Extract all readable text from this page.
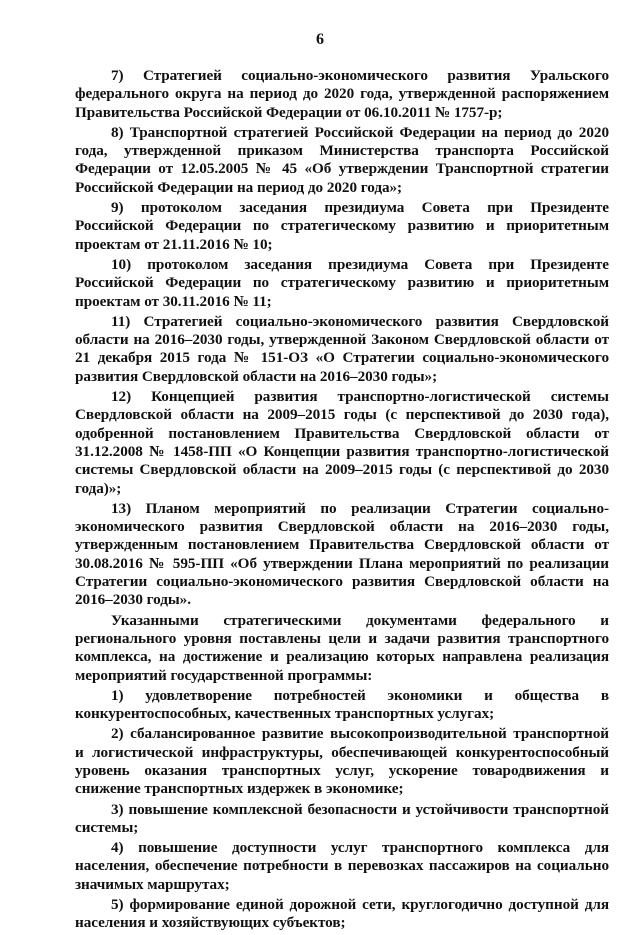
6

7) Стратегией социально-экономического развития Уральского федерального округа на период до 2020 года, утвержденной распоряжением Правительства Российской Федерации от 06.10.2011 № 1757-р;

8) Транспортной стратегией Российской Федерации на период до 2020 года, утвержденной приказом Министерства транспорта Российской Федерации от 12.05.2005 № 45 «Об утверждении Транспортной стратегии Российской Федерации на период до 2020 года»;

9) протоколом заседания президиума Совета при Президенте Российской Федерации по стратегическому развитию и приоритетным проектам от 21.11.2016 № 10;

10) протоколом заседания президиума Совета при Президенте Российской Федерации по стратегическому развитию и приоритетным проектам от 30.11.2016 № 11;

11) Стратегией социально-экономического развития Свердловской области на 2016–2030 годы, утвержденной Законом Свердловской области от 21 декабря 2015 года № 151-ОЗ «О Стратегии социально-экономического развития Свердловской области на 2016–2030 годы»;

12) Концепцией развития транспортно-логистической системы Свердловской области на 2009–2015 годы (с перспективой до 2030 года), одобренной постановлением Правительства Свердловской области от 31.12.2008 № 1458-ПП «О Концепции развития транспортно-логистической системы Свердловской области на 2009–2015 годы (с перспективой до 2030 года)»;

13) Планом мероприятий по реализации Стратегии социально-экономического развития Свердловской области на 2016–2030 годы, утвержденным постановлением Правительства Свердловской области от 30.08.2016 № 595-ПП «Об утверждении Плана мероприятий по реализации Стратегии социально-экономического развития Свердловской области на 2016–2030 годы».

Указанными стратегическими документами федерального и регионального уровня поставлены цели и задачи развития транспортного комплекса, на достижение и реализацию которых направлена реализация мероприятий государственной программы:

1) удовлетворение потребностей экономики и общества в конкурентоспособных, качественных транспортных услугах;

2) сбалансированное развитие высокопроизводительной транспортной и логистической инфраструктуры, обеспечивающей конкурентоспособный уровень оказания транспортных услуг, ускорение товародвижения и снижение транспортных издержек в экономике;

3) повышение комплексной безопасности и устойчивости транспортной системы;

4) повышение доступности услуг транспортного комплекса для населения, обеспечение потребности в перевозках пассажиров на социально значимых маршрутах;

5) формирование единой дорожной сети, круглогодично доступной для населения и хозяйствующих субъектов;
